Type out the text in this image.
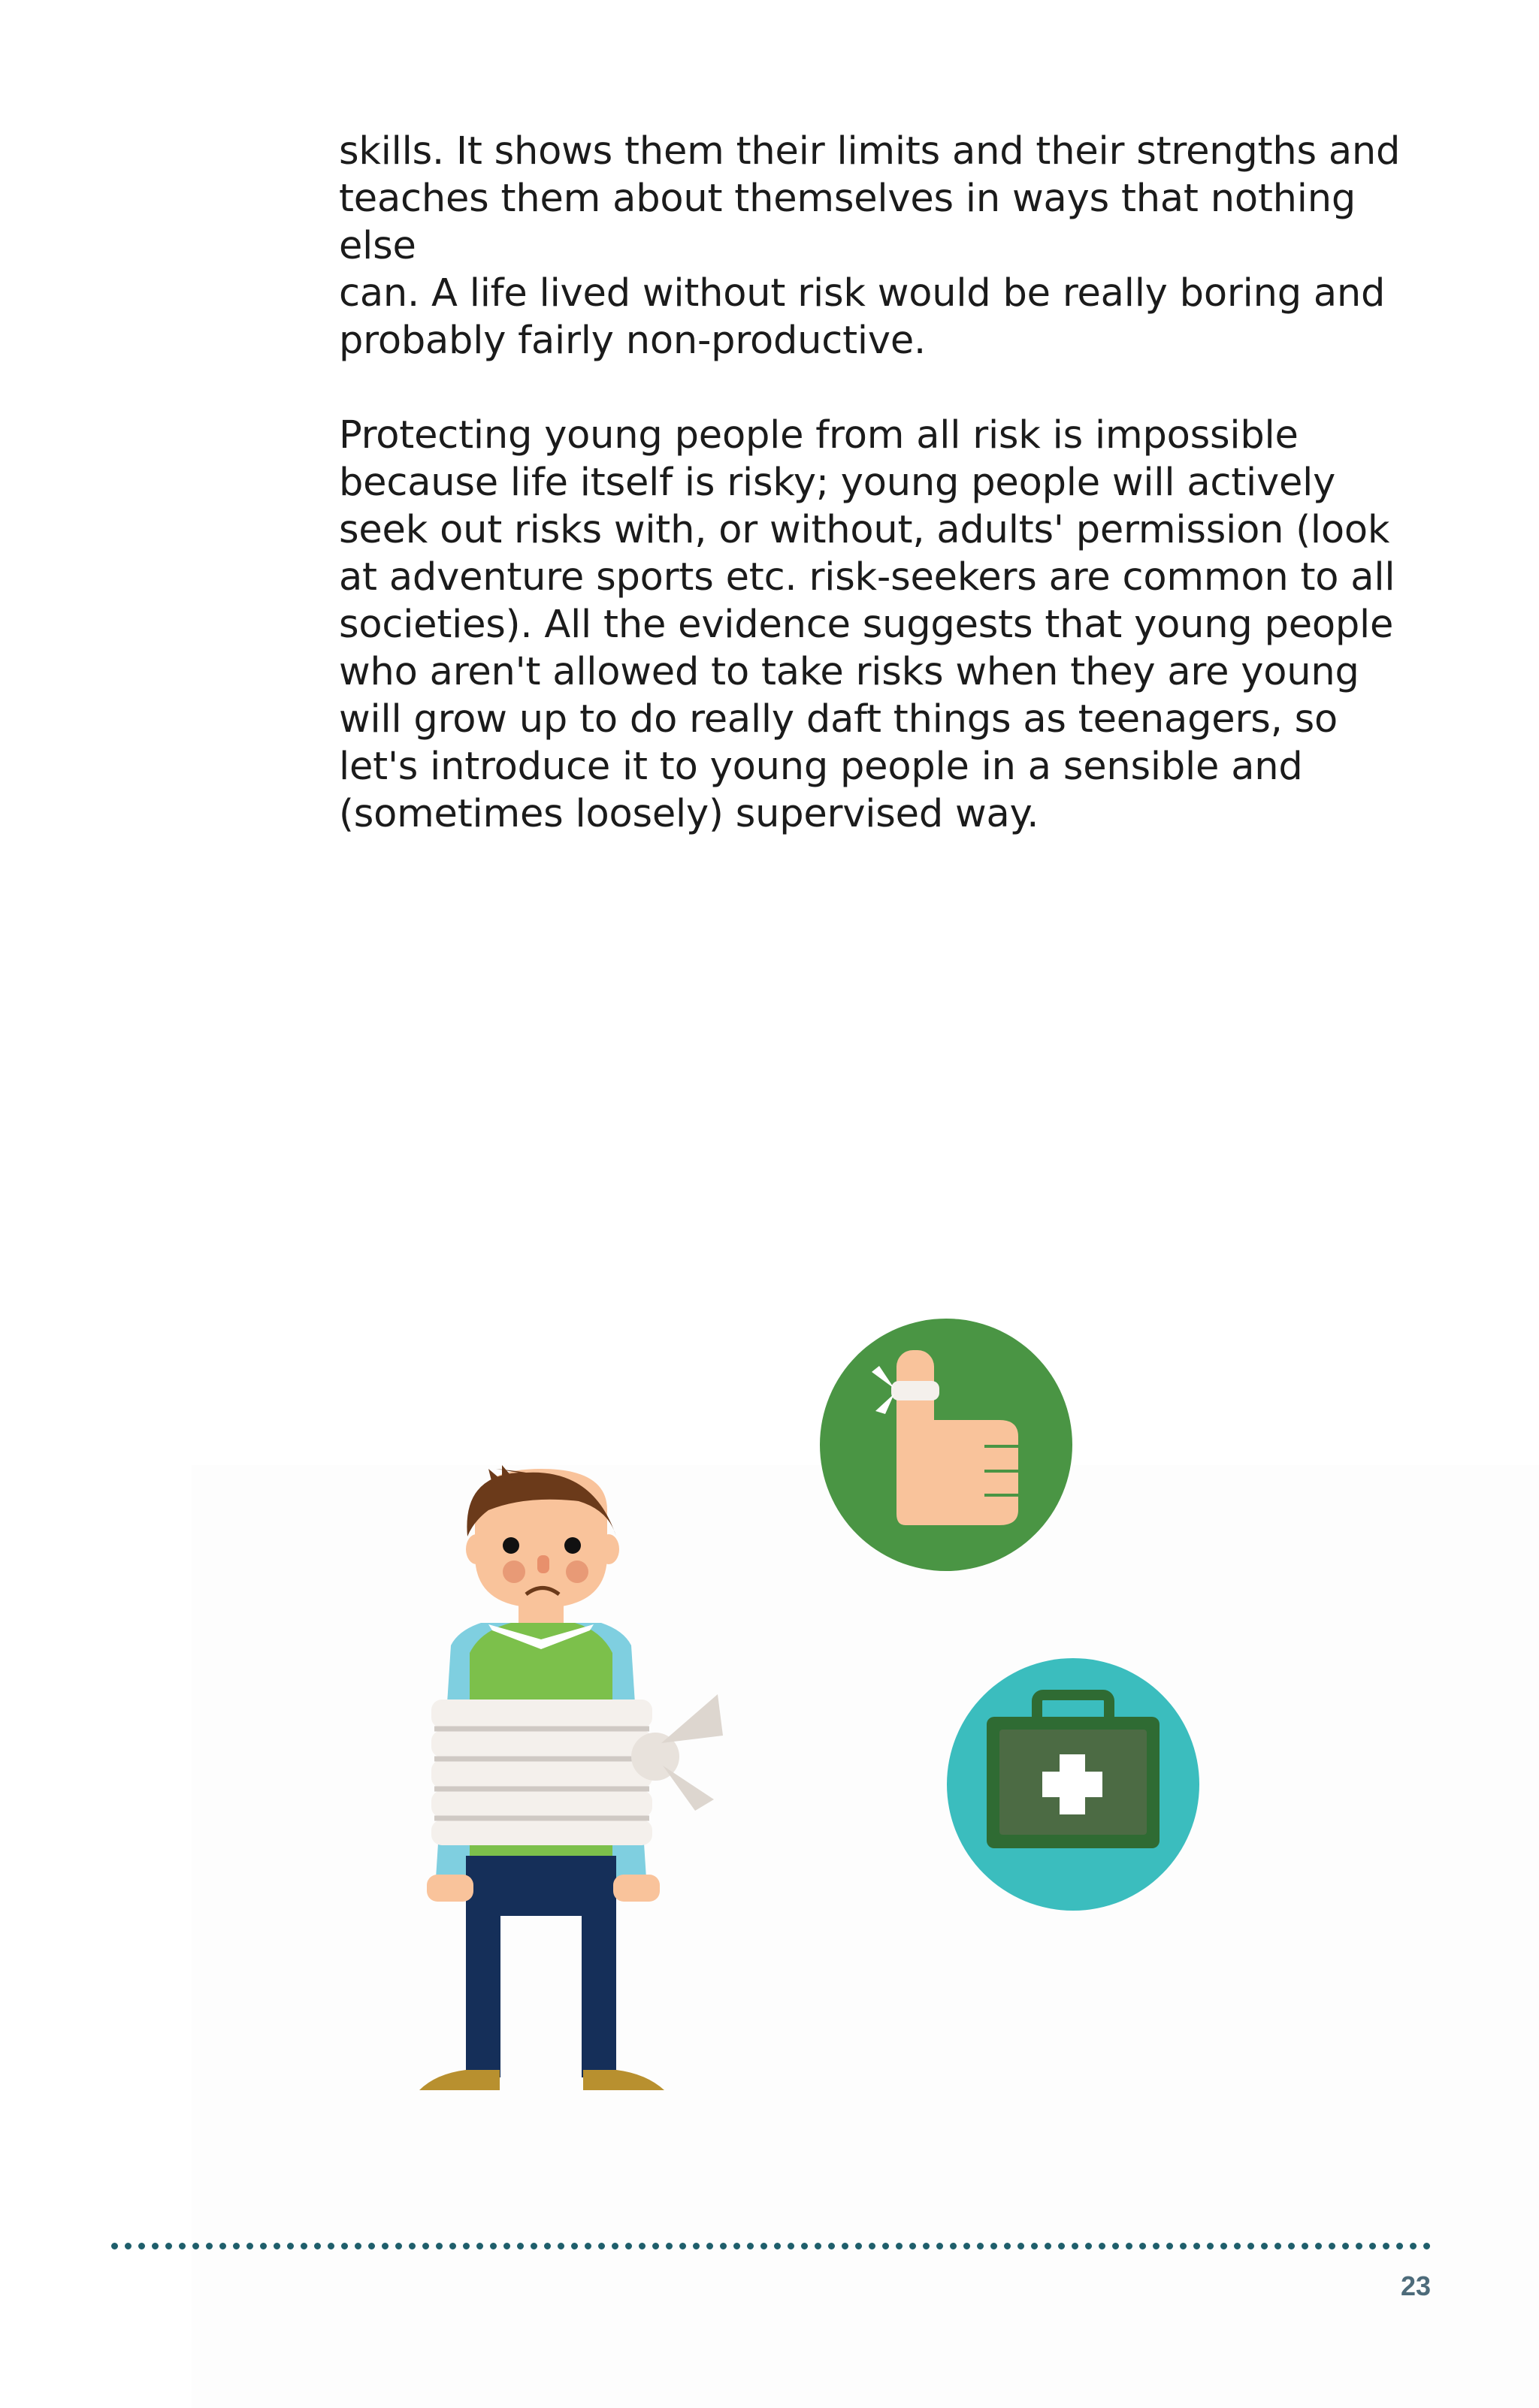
skills. It shows them their limits and their strengths and
teaches them about themselves in ways that nothing else
can. A life lived without risk would be really boring and
probably fairly non-productive.

Protecting young people from all risk is impossible
because life itself is risky; young people will actively
seek out risks with, or without, adults' permission (look
at adventure sports etc. risk-seekers are common to all
societies). All the evidence suggests that young people
who aren't allowed to take risks when they are young
will grow up to do really daft things as teenagers, so
let's introduce it to young people in a sensible and
(sometimes loosely) supervised way.

23
